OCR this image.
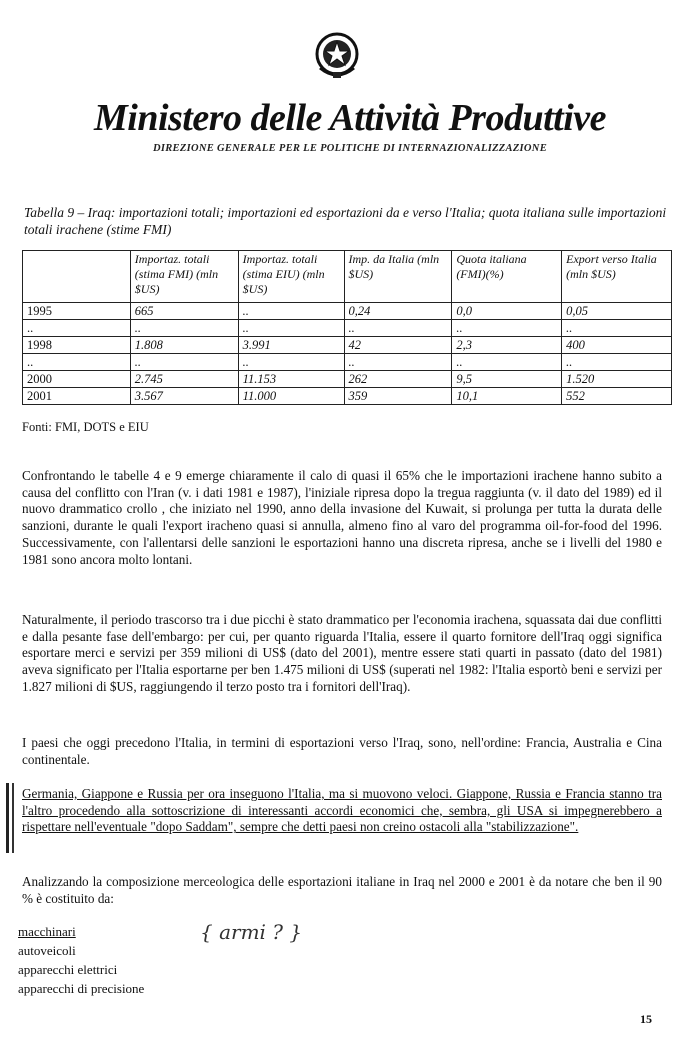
Ministero delle Attività Produttive
DIREZIONE GENERALE PER LE POLITICHE DI INTERNAZIONALIZZAZIONE
Tabella 9 – Iraq: importazioni totali; importazioni ed esportazioni da e verso l'Italia; quota italiana sulle importazioni totali irachene (stime FMI)
	Importaz. totali (stima FMI) (mln $US)	Importaz. totali (stima EIU) (mln $US)	Imp. da Italia (mln $US)	Quota italiana (FMI)(%)	Export verso Italia (mln $US)
1995	665	..	0,24	0,0	0,05
..	..	..	..	..	..
1998	1.808	3.991	42	2,3	400
..	..	..	..	..	..
2000	2.745	11.153	262	9,5	1.520
2001	3.567	11.000	359	10,1	552
Fonti: FMI, DOTS e EIU
Confrontando le tabelle 4 e 9 emerge chiaramente il calo di quasi il 65% che le importazioni irachene hanno subito a causa del conflitto con l'Iran (v. i dati 1981 e 1987), l'iniziale ripresa dopo la tregua raggiunta (v. il dato del 1989) ed il nuovo drammatico crollo , che iniziato nel 1990, anno della invasione del Kuwait, si prolunga per tutta la durata delle sanzioni, durante le quali l'export iracheno quasi si annulla, almeno fino al varo del programma oil-for-food del 1996. Successivamente, con l'allentarsi delle sanzioni le esportazioni hanno una discreta ripresa, anche se i livelli del 1980 e 1981 sono ancora molto lontani.
Naturalmente, il periodo trascorso tra i due picchi è stato drammatico per l'economia irachena, squassata dai due conflitti e dalla pesante fase dell'embargo: per cui, per quanto riguarda l'Italia, essere il quarto fornitore dell'Iraq oggi significa esportare merci e servizi per 359 milioni di US$ (dato del 2001), mentre essere stati quarti in passato (dato del 1981) aveva significato per l'Italia esportarne per ben 1.475 milioni di US$ (superati nel 1982: l'Italia esportò beni e servizi per 1.827 milioni di $US, raggiungendo il terzo posto tra i fornitori dell'Iraq).
I paesi che oggi precedono l'Italia, in termini di esportazioni verso l'Iraq, sono, nell'ordine: Francia, Australia e Cina continentale.
Germania, Giappone e Russia per ora inseguono l'Italia, ma si muovono veloci. Giappone, Russia e Francia stanno tra l'altro procedendo alla sottoscrizione di interessanti accordi economici che, sembra, gli USA si impegnerebbero a rispettare nell'eventuale "dopo Saddam", sempre che detti paesi non creino ostacoli alla "stabilizzazione".
Analizzando la composizione merceologica delle esportazioni italiane in Iraq nel 2000 e 2001 è da notare che ben il 90 % è costituito da:
macchinari
autoveicoli
apparecchi elettrici
apparecchi di precisione
{ armi ? }
15
